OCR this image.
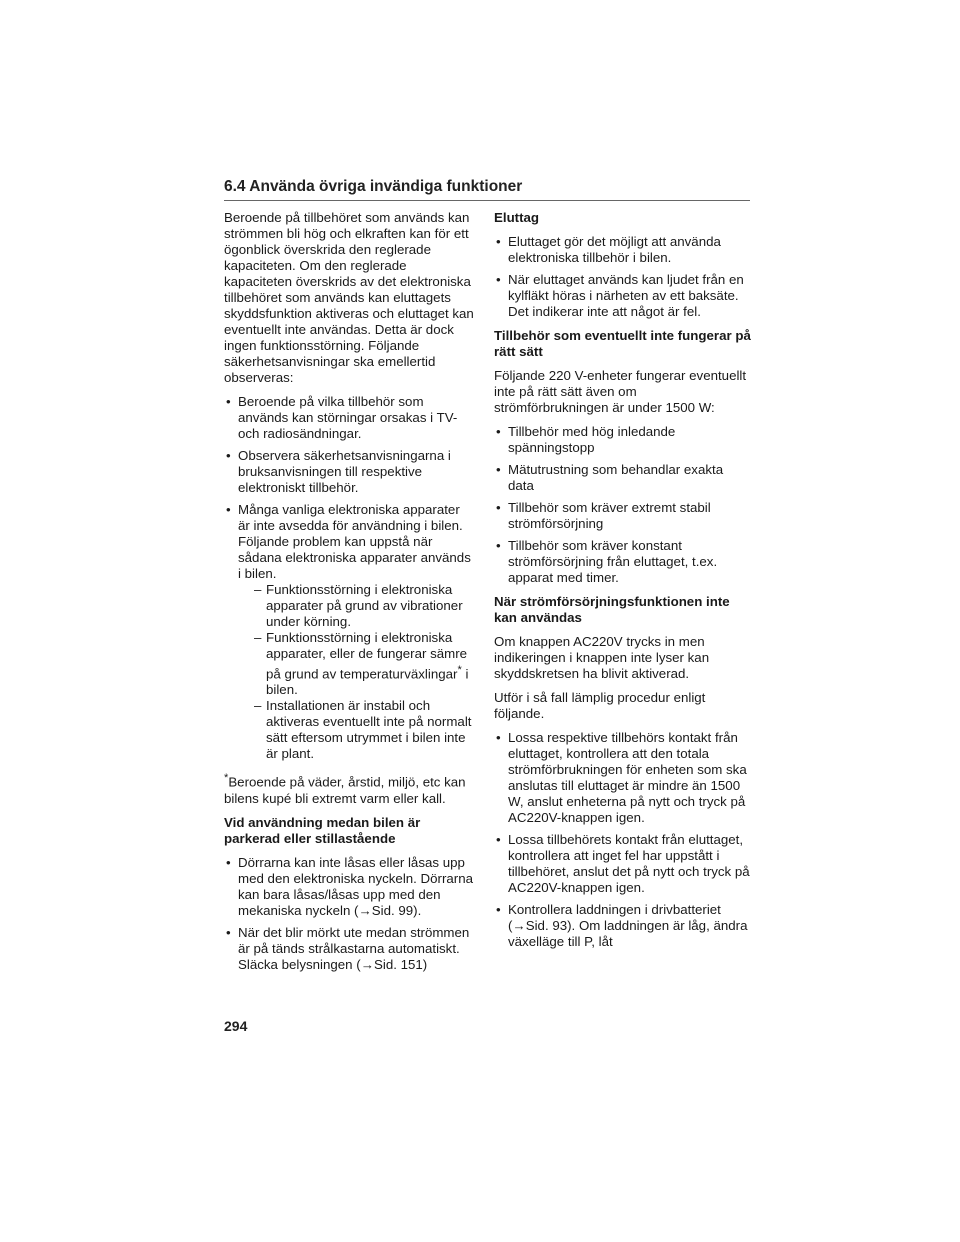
6.4 Använda övriga invändiga funktioner

Beroende på tillbehöret som används kan strömmen bli hög och elkraften kan för ett ögonblick överskrida den reglerade kapaciteten. Om den reglerade kapaciteten överskrids av det elektroniska tillbehöret som används kan eluttagets skyddsfunktion aktiveras och eluttaget kan eventuellt inte användas. Detta är dock ingen funktionsstörning. Följande säkerhetsanvisningar ska emellertid observeras:

• Beroende på vilka tillbehör som används kan störningar orsakas i TV- och radiosändningar.
• Observera säkerhetsanvisningarna i bruksanvisningen till respektive elektroniskt tillbehör.
• Många vanliga elektroniska apparater är inte avsedda för användning i bilen. Följande problem kan uppstå när sådana elektroniska apparater används i bilen.
– Funktionsstörning i elektroniska apparater på grund av vibrationer under körning.
– Funktionsstörning i elektroniska apparater, eller de fungerar sämre på grund av temperaturväxlingar* i bilen.
– Installationen är instabil och aktiveras eventuellt inte på normalt sätt eftersom utrymmet i bilen inte är plant.

*Beroende på väder, årstid, miljö, etc kan bilens kupé bli extremt varm eller kall.

Vid användning medan bilen är parkerad eller stillastående
• Dörrarna kan inte låsas eller låsas upp med den elektroniska nyckeln. Dörrarna kan bara låsas/låsas upp med den mekaniska nyckeln (→Sid. 99).
• När det blir mörkt ute medan strömmen är på tänds strålkastarna automatiskt. Släcka belysningen (→Sid. 151)
Eluttag
• Eluttaget gör det möjligt att använda elektroniska tillbehör i bilen.
• När eluttaget används kan ljudet från en kylfläkt höras i närheten av ett baksäte. Det indikerar inte att något är fel.
Tillbehör som eventuellt inte fungerar på rätt sätt

Följande 220 V-enheter fungerar eventuellt inte på rätt sätt även om strömförbrukningen är under 1500 W:

• Tillbehör med hög inledande spänningstopp
• Mätutrustning som behandlar exakta data
• Tillbehör som kräver extremt stabil strömförsörjning
• Tillbehör som kräver konstant strömförsörjning från eluttaget, t.ex. apparat med timer.
När strömförsörjningsfunktionen inte kan användas

Om knappen AC220V trycks in men indikeringen i knappen inte lyser kan skyddskretsen ha blivit aktiverad.

Utför i så fall lämplig procedur enligt följande.

• Lossa respektive tillbehörs kontakt från eluttaget, kontrollera att den totala strömförbrukningen för enheten som ska anslutas till eluttaget är mindre än 1500 W, anslut enheterna på nytt och tryck på AC220V-knappen igen.
• Lossa tillbehörets kontakt från eluttaget, kontrollera att inget fel har uppstått i tillbehöret, anslut det på nytt och tryck på AC220V-knappen igen.
• Kontrollera laddningen i drivbatteriet (→Sid. 93). Om laddningen är låg, ändra växelläge till P, låt
294
